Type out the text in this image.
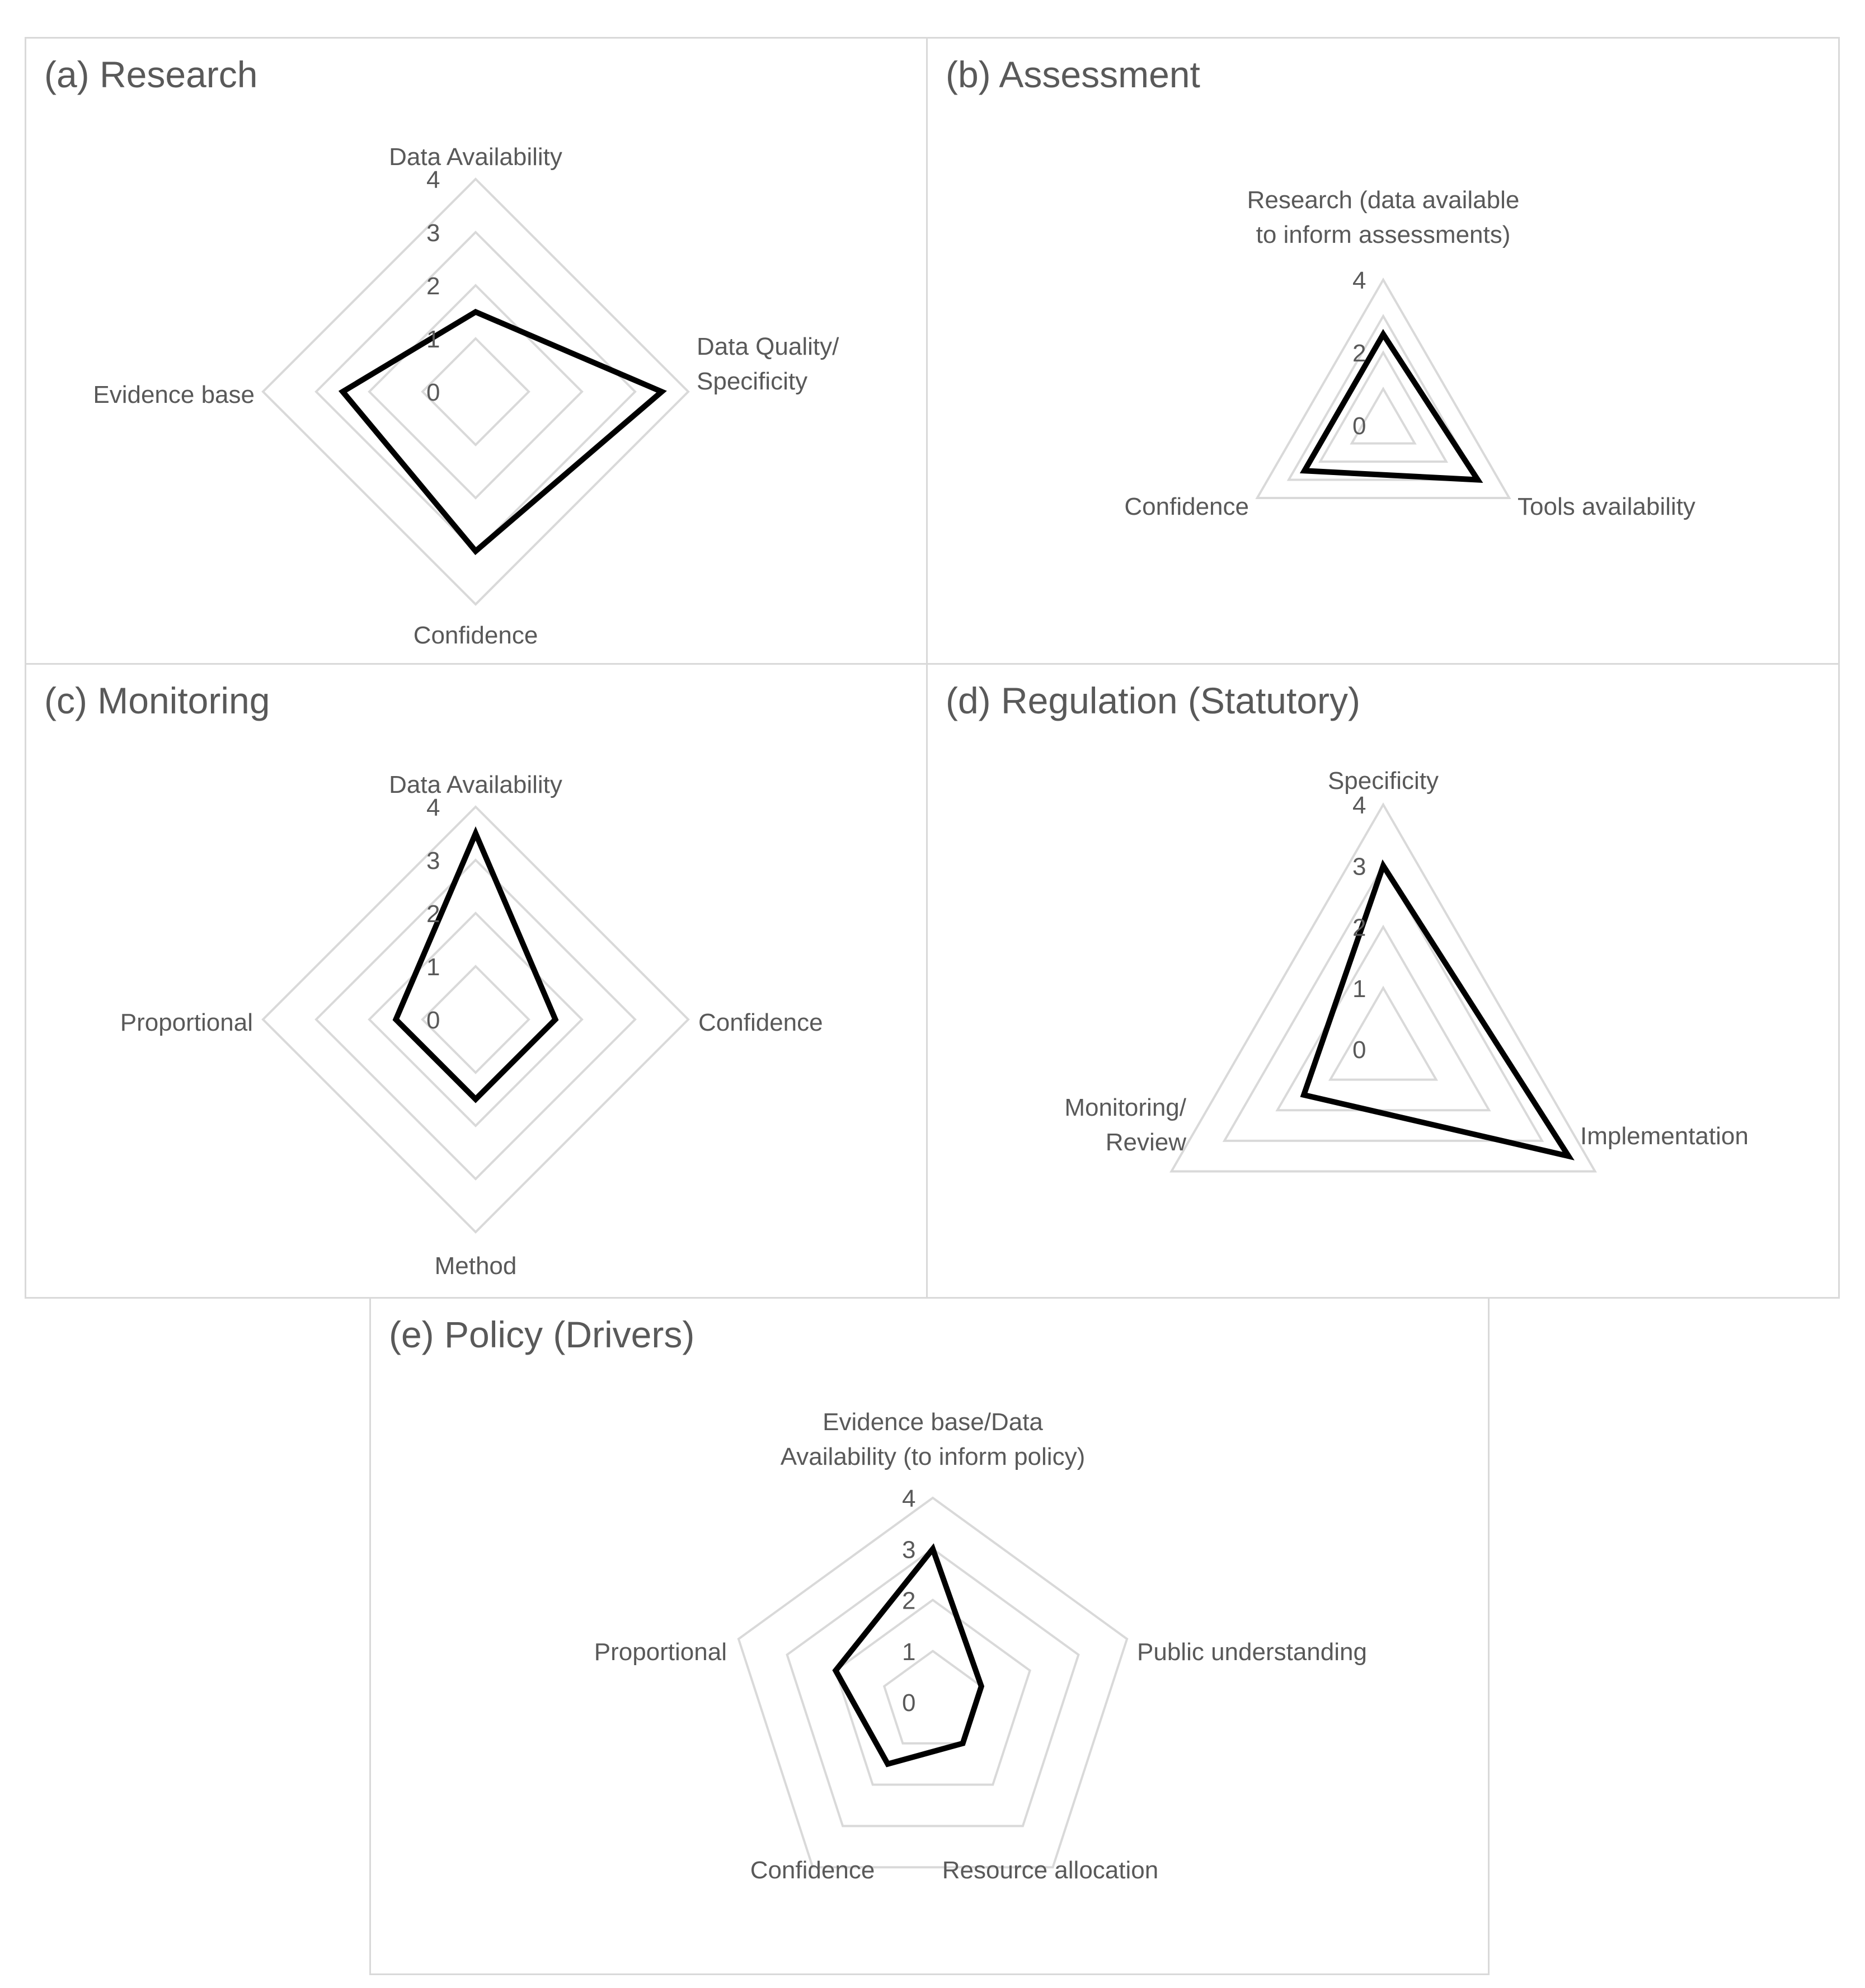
(a) Research	(b) Assessment
(c) Monitoring	(d) Regulation (Statutory)
(e) Policy (Drivers)
0
1
2
3
4
Data Availability
Data Quality/ Specificity
Confidence
Evidence base
0
2
4
Research (data available to inform assessments)
Tools availability
Confidence
0
1
2
3
4
Data Availability
Confidence
Method
Proportional
0
1
2
3
4
Specificity
Implementation
Monitoring/ Review
0
1
2
3
4
Evidence base/Data Availability (to inform policy)
Public understanding
Resource allocation
Confidence
Proportional
